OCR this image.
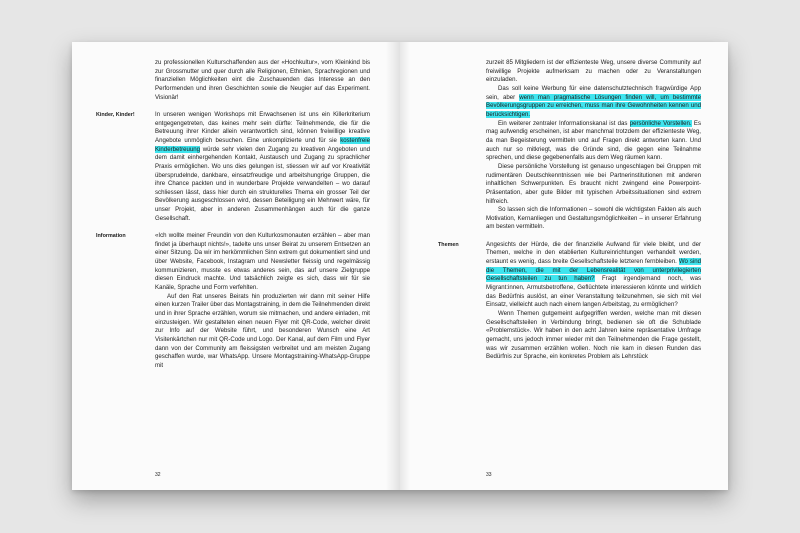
zu professionellen Kulturschaffenden aus der «Hochkultur», vom Kleinkind bis zur Grossmutter und quer durch alle Religionen, Ethnien, Sprachregionen und finanziellen Möglichkeiten eint die Zuschauenden das Interesse an den Performenden und ihren Geschichten sowie die Neugier auf das Experiment. Visionär!

In unseren wenigen Workshops mit Erwachsenen ist uns ein Killerkriterium entgegengetreten, das keines mehr sein dürfte: Teilnehmende, die für die Betreuung ihrer Kinder allein verantwortlich sind, können freiwillige kreative Angebote unmöglich besuchen. Eine unkomplizierte und für sie kostenfreie Kinderbetreuung würde sehr vielen den Zugang zu kreativen Angeboten und dem damit einhergehenden Kontakt, Austausch und Zugang zu sprachlicher Praxis ermöglichen. Wo uns dies gelungen ist, stiessen wir auf vor Kreativität übersprudelnde, dankbare, einsatzfreudige und arbeitshungrige Gruppen, die ihre Chance packten und in wunderbare Projekte verwandelten – wo darauf schliessen lässt, dass hier durch ein strukturelles Thema ein grosser Teil der Bevölkerung ausgeschlossen wird, dessen Beteiligung ein Mehrwert wäre, für unser Projekt, aber in anderen Zusammenhängen auch für die ganze Gesellschaft.

«Ich wollte meiner Freundin von den Kulturkosmonauten erzählen – aber man findet ja überhaupt nichts!», tadelte uns unser Beirat zu unserem Entsetzen an einer Sitzung. Da wir im herkömmlichen Sinn extrem gut dokumentiert sind und über Website, Facebook, Instagram und Newsletter fleissig und regelmässig kommunizieren, musste es etwas anderes sein, das auf unsere Zielgruppe diesen Eindruck machte. Und tatsächlich zeigte es sich, dass wir für sie Kanäle, Sprache und Form verfehlten.

Auf den Rat unseres Beirats hin produzierten wir dann mit seiner Hilfe einen kurzen Trailer über das Montagstraining, in dem die Teilnehmenden direkt und in ihrer Sprache erzählen, worum sie mitmachen, und andere einladen, mit einzusteigen. Wir gestalteten einen neuen Flyer mit QR-Code, welcher direkt zur Info auf der Website führt, und besonderen Wunsch eine Art Visitenkärtchen nur mit QR-Code und Logo. Der Kanal, auf dem Film und Flyer dann von der Community am fleissigsten verbreitet und am meisten Zugang geschaffen wurde, war WhatsApp. Unsere Montagstraining-WhatsApp-Gruppe mit

32
Kinder, Kinder!
Information

zurzeit 85 Mitgliedern ist der effizienteste Weg, unsere diverse Community auf freiwillige Projekte aufmerksam zu machen oder zu Veranstaltungen einzuladen.

Das soll keine Werbung für eine datenschutztechnisch fragwürdige App sein, aber wenn man pragmatische Lösungen finden will, um bestimmte Bevölkerungsgruppen zu erreichen, muss man ihre Gewohnheiten kennen und berücksichtigen.

Ein weiterer zentraler Informationskanal ist das persönliche Vorstellen. Es mag aufwendig erscheinen, ist aber manchmal trotzdem der effizienteste Weg, da man Begeisterung vermitteln und auf Fragen direkt antworten kann. Und auch nur so mitkriegt, was die Gründe sind, die gegen eine Teilnahme sprechen, und diese gegebenenfalls aus dem Weg räumen kann.

Diese persönliche Vorstellung ist genauso ungeschlagen bei Gruppen mit rudimentären Deutschkenntnissen wie bei Partnerinstitutionen mit anderen inhaltlichen Schwerpunkten. Es braucht nicht zwingend eine Powerpoint-Präsentation, aber gute Bilder mit typischen Arbeitssituationen sind extrem hilfreich.

So lassen sich die Informationen – sowohl die wichtigsten Fakten als auch Motivation, Kernanliegen und Gestaltungsmöglichkeiten – in unserer Erfahrung am besten vermitteln.

Angesichts der Hürde, die der finanzielle Aufwand für viele bleibt, und der Themen, welche in den etablierten Kultureinrichtungen verhandelt werden, erstaunt es wenig, dass breite Gesellschaftsteile letzteren fernbleiben. Wo sind die Themen, die mit der Lebensrealität von unterprivilegierten Gesellschaftsteilen zu tun haben? Fragt irgendjemand noch, was Migrant:innen, Armutsbetroffene, Geflüchtete interessieren könnte und wirklich das Bedürfnis auslöst, an einer Veranstaltung teilzunehmen, sie sich mit viel Einsatz, vielleicht auch nach einem langen Arbeitstag, zu ermöglichen?

Wenn Themen gutgemeint aufgegriffen werden, welche man mit diesen Gesellschaftsteilen in Verbindung bringt, bedienen sie oft die Schublade «Problemstück». Wir haben in den acht Jahren keine repräsentative Umfrage gemacht, uns jedoch immer wieder mit den Teilnehmenden die Frage gestellt, was wir zusammen erzählen wollen. Noch nie kam in diesen Runden das Bedürfnis zur Sprache, ein konkretes Problem als Lehrstück

33
Themen
